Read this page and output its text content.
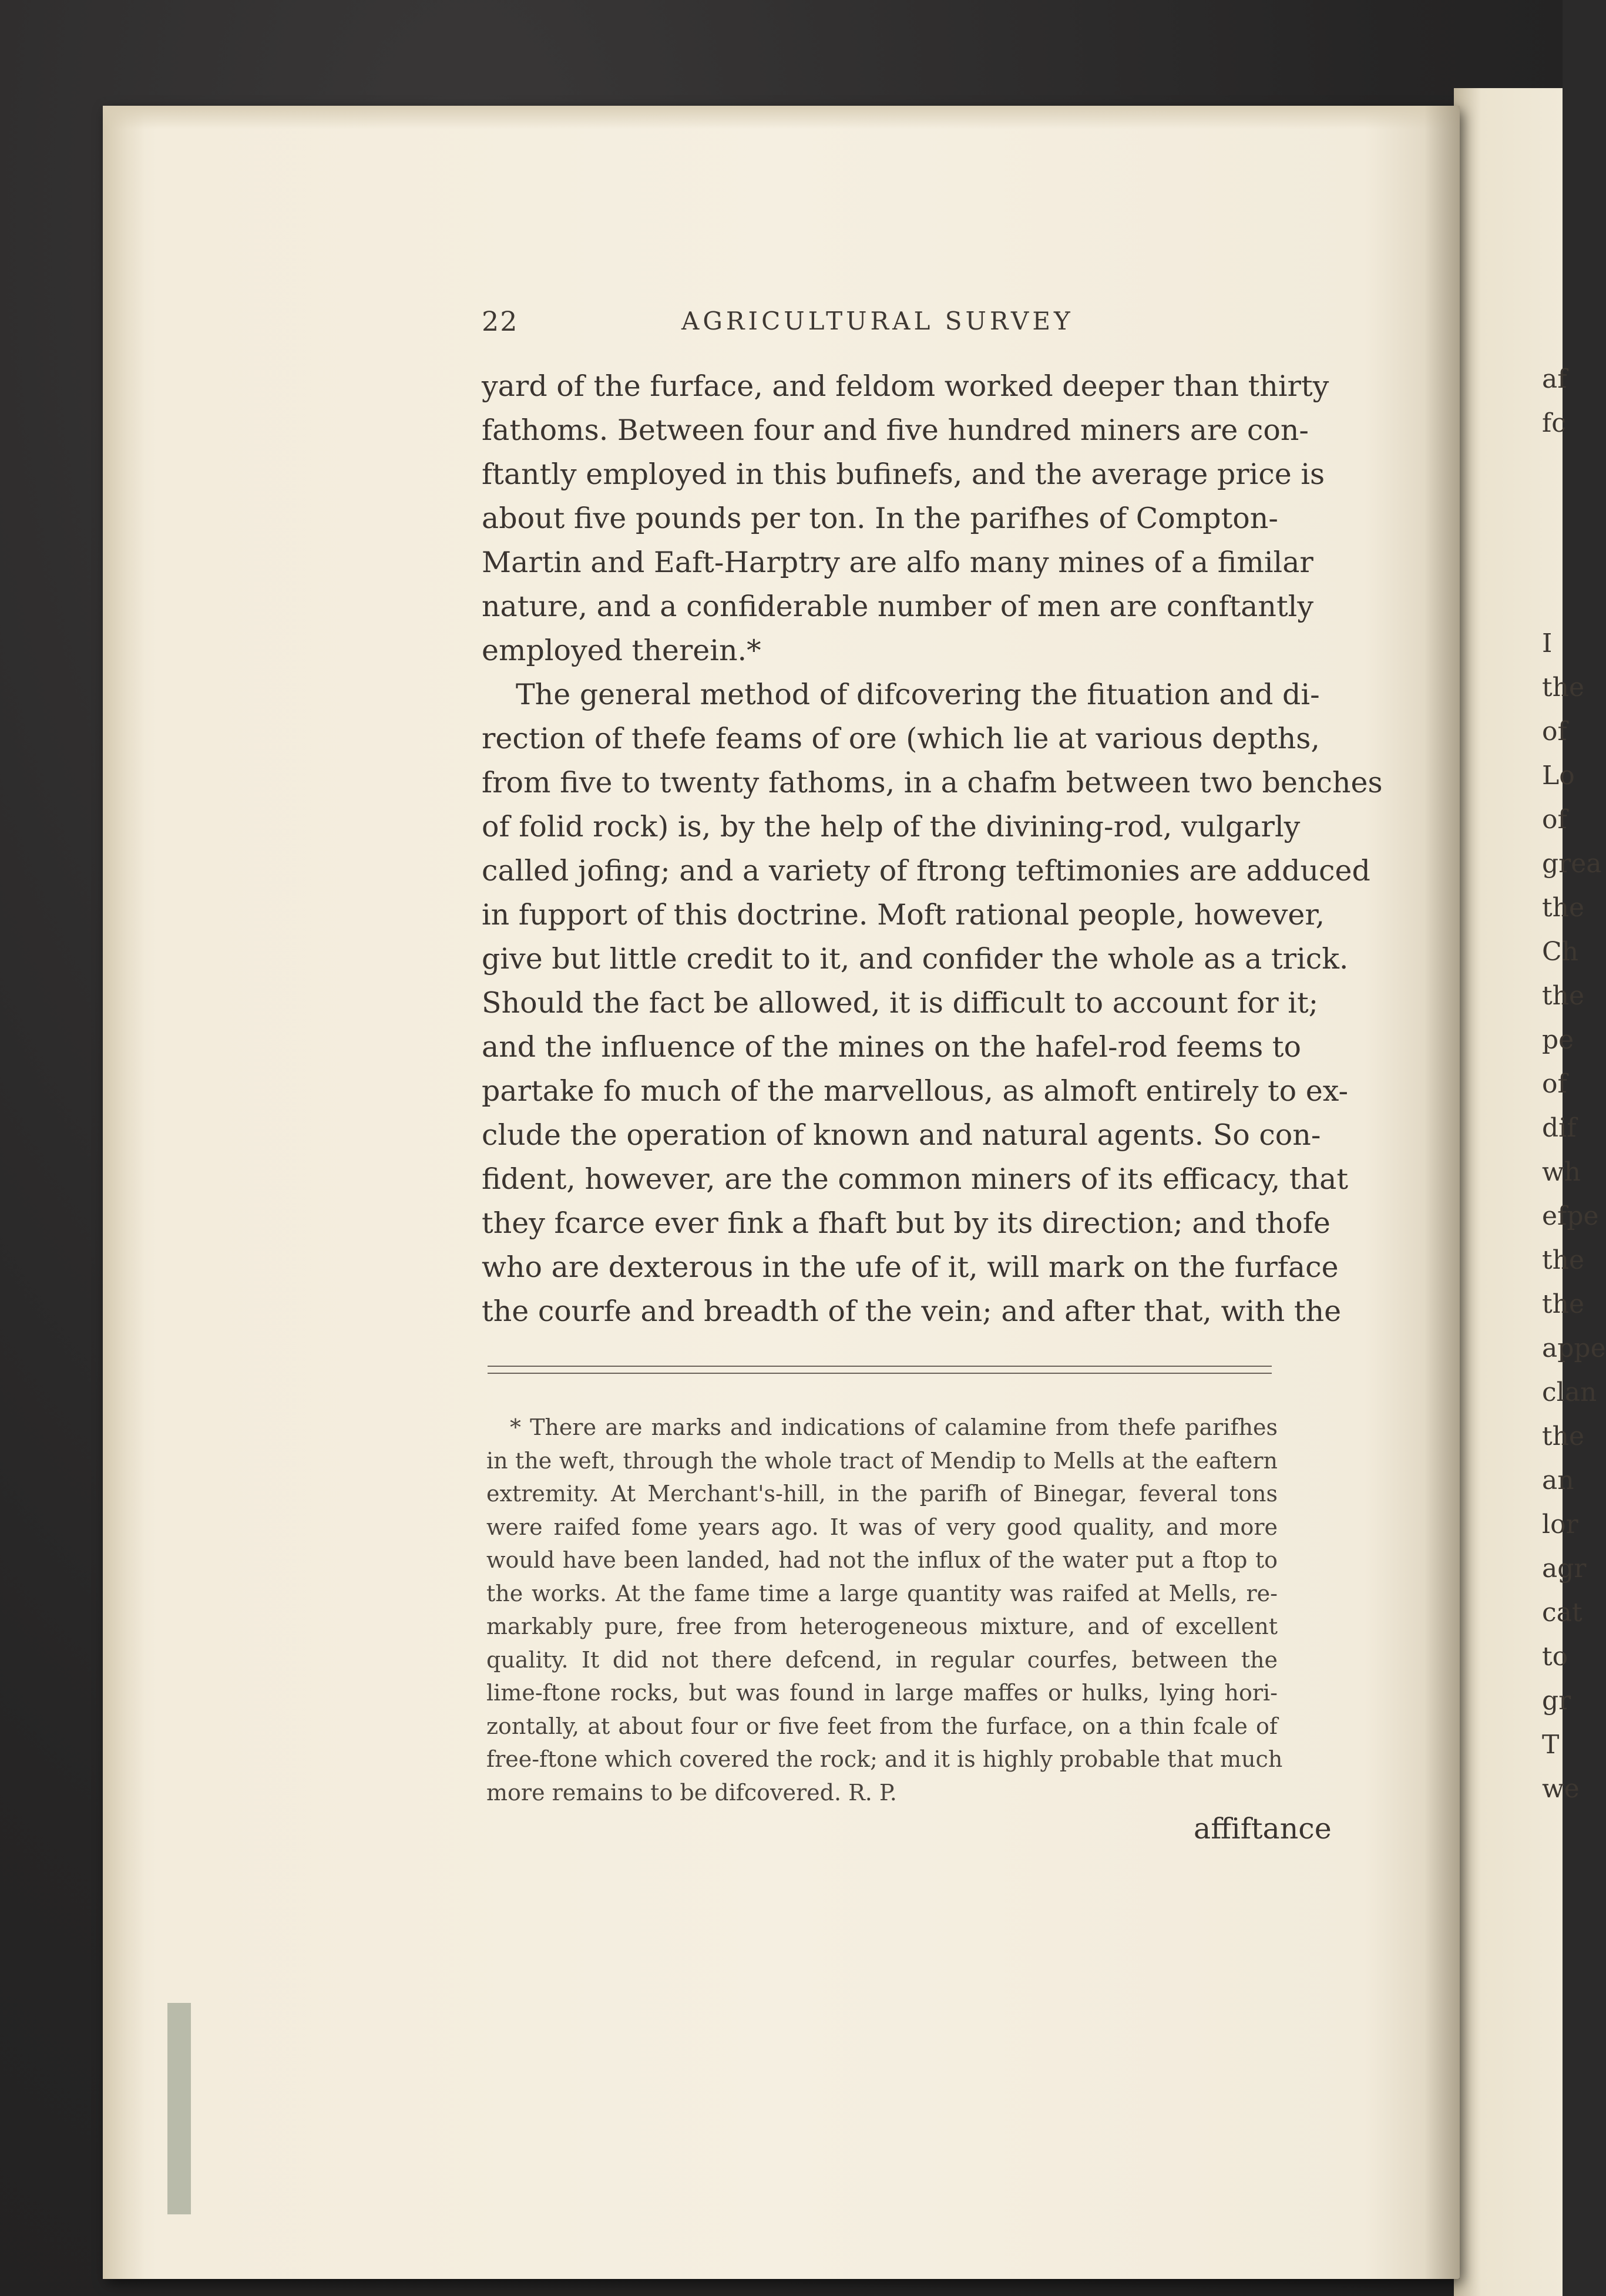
af
fc
I
the
of
Lo
of
grea
the
Ch
the
pe
of
dif
wh
efpe
the
the
appe
clan
the
an
lor
agr
cat
to
gr
T
we
22	AGRICULTURAL SURVEY
yard of the furface, and feldom worked deeper than thirty
fathoms. Between four and five hundred miners are con-
ftantly employed in this bufinefs, and the average price is
about five pounds per ton. In the parifhes of Compton-
Martin and Eaft-Harptry are alfo many mines of a fimilar
nature, and a confiderable number of men are conftantly
employed therein.*
The general method of difcovering the fituation and di-
rection of thefe feams of ore (which lie at various depths,
from five to twenty fathoms, in a chafm between two benches
of folid rock) is, by the help of the divining-rod, vulgarly
called jofing; and a variety of ftrong teftimonies are adduced
in fupport of this doctrine. Moft rational people, however,
give but little credit to it, and confider the whole as a trick.
Should the fact be allowed, it is difficult to account for it;
and the influence of the mines on the hafel-rod feems to
partake fo much of the marvellous, as almoft entirely to ex-
clude the operation of known and natural agents. So con-
fident, however, are the common miners of its efficacy, that
they fcarce ever fink a fhaft but by its direction; and thofe
who are dexterous in the ufe of it, will mark on the furface
the courfe and breadth of the vein; and after that, with the
* There are marks and indications of calamine from thefe parifhes
in the weft, through the whole tract of Mendip to Mells at the eaftern
extremity. At Merchant's-hill, in the parifh of Binegar, feveral tons
were raifed fome years ago. It was of very good quality, and more
would have been landed, had not the influx of the water put a ftop to
the works. At the fame time a large quantity was raifed at Mells, re-
markably pure, free from heterogeneous mixture, and of excellent
quality. It did not there defcend, in regular courfes, between the
lime-ftone rocks, but was found in large maffes or hulks, lying hori-
zontally, at about four or five feet from the furface, on a thin fcale of
free-ftone which covered the rock; and it is highly probable that much
more remains to be difcovered. R. P.
affiftance
